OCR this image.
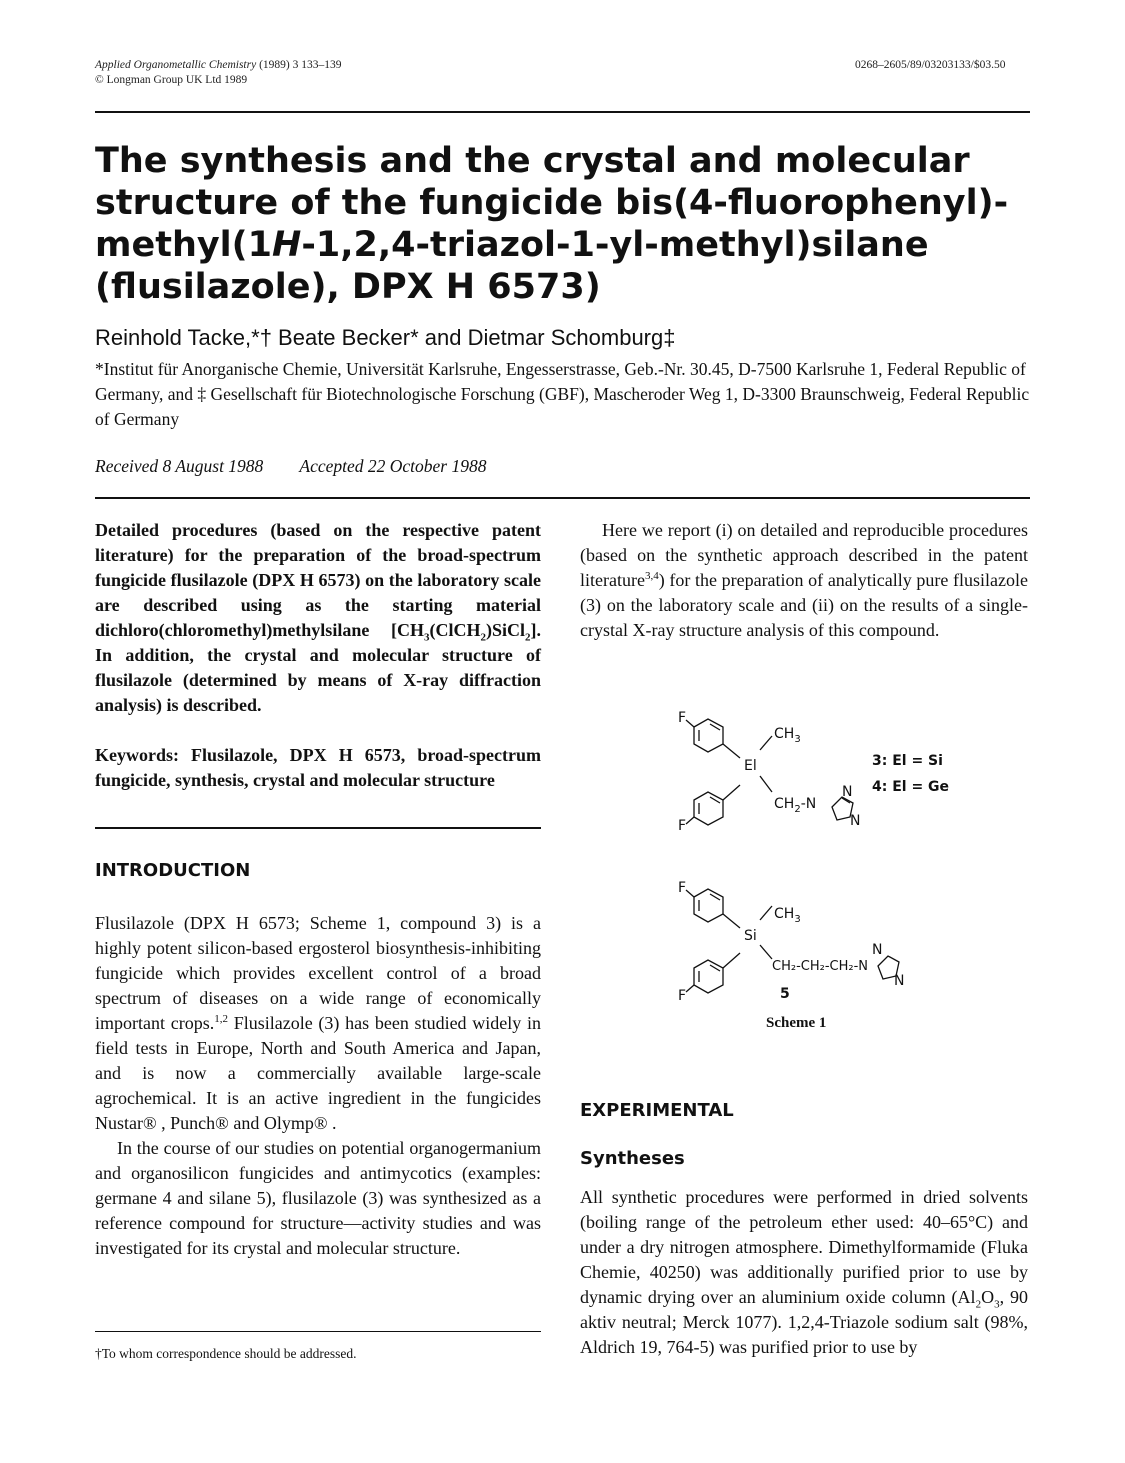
Applied Organometallic Chemistry (1989) 3 133–139
© Longman Group UK Ltd 1989
0268–2605/89/03203133/$03.50
The synthesis and the crystal and molecular
structure of the fungicide bis(4-fluorophenyl)-
methyl(1H-1,2,4-triazol-1-yl-methyl)silane
(flusilazole), DPX H 6573)
Reinhold Tacke,*† Beate Becker* and Dietmar Schomburg‡
*Institut für Anorganische Chemie, Universität Karlsruhe, Engesserstrasse, Geb.-Nr. 30.45, D-7500 Karlsruhe 1, Federal Republic of Germany, and ‡ Gesellschaft für Biotechnologische Forschung (GBF), Mascheroder Weg 1, D-3300 Braunschweig, Federal Republic of Germany
Received 8 August 1988 Accepted 22 October 1988

Detailed procedures (based on the respective patent literature) for the preparation of the broad-spectrum fungicide flusilazole (DPX H 6573) on the laboratory scale are described using as the starting material dichloro(chloromethyl)methylsilane $[CH_3(ClCH_2)SiCl_2]$. In addition, the crystal and molecular structure of flusilazole (determined by means of X-ray diffraction analysis) is described.

Keywords: Flusilazole, DPX H 6573, broad-spectrum fungicide, synthesis, crystal and molecular structure
INTRODUCTION

Flusilazole (DPX H 6573; Scheme 1, compound 3) is a highly potent silicon-based ergosterol biosynthesis-inhibiting fungicide which provides excellent control of a broad spectrum of diseases on a wide range of economically important crops.$^{1,2}$ Flusilazole (3) has been studied widely in field tests in Europe, North and South America and Japan, and is now a commercially available large-scale agrochemical. It is an active ingredient in the fungicides Nustar® , Punch® and Olymp® .

In the course of our studies on potential organogermanium and organosilicon fungicides and antimycotics (examples: germane 4 and silane 5), flusilazole (3) was synthesized as a reference compound for structure—activity studies and was investigated for its crystal and molecular structure.

†To whom correspondence should be addressed.

Here we report (i) on detailed and reproducible procedures (based on the synthetic approach described in the patent literature$^{3,4}$) for the preparation of analytically pure flusilazole (3) on the laboratory scale and (ii) on the results of a single-crystal X-ray structure analysis of this compound.

F
F
$CH_3$
El
$CH_2-N$
N
N
3: El = Si
4: El = Ge
F
F
$CH_3$
Si
CH₂-CH₂-CH₂-N
N
N
5
Scheme 1
EXPERIMENTAL
Syntheses

All synthetic procedures were performed in dried solvents (boiling range of the petroleum ether used: 40–65°C) and under a dry nitrogen atmosphere. Dimethylformamide (Fluka Chemie, 40250) was additionally purified prior to use by dynamic drying over an aluminium oxide column ($Al_2O_3$, 90 aktiv neutral; Merck 1077). 1,2,4-Triazole sodium salt (98%, Aldrich 19, 764-5) was purified prior to use by
